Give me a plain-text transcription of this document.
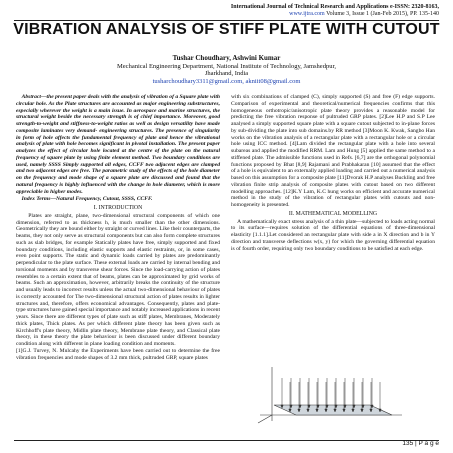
International Journal of Technical Research and Applications e-ISSN: 2320-8163,
www.ijtra.com Volume 3, Issue 1 (Jan-Feb 2015), PP. 135-140
VIBRATION ANALYSIS OF STIFF PLATE WITH CUTOUT
Tushar Choudhary, Ashwini Kumar
Mechanical Engineering Department, National Institute of Technology, Jamshedpur,
Jharkhand, India
tusharchoudhary3311@gmail.com, akniit08@gmail.com

Abstract—the present paper deals with the analysis of vibration of a Square plate with circular hole. As the Plate structures are accounted as major engineering substructures, especially wherever the weight is a main issue. In aerospace and marine structures, the structural weight beside the necessary strength is of chief importance. Moreover, good strength-to-weight and stiffness-to-weight ratios as well as design versatility have made composite laminates very demand- engineering structures. The presence of singularity in form of hole affects the fundamental frequency of plate and hence the vibrational analysis of plate with hole becomes significant in pivotal installation. The present paper analyzes the effect of circular hole located at the centre of the plate on the natural frequency of square plate by using finite element method. Two boundary conditions are used, namely SSSS Simply supported all edges, CCFF two adjacent edges are clamped and two adjacent edges are free. The parametric study of the effects of the hole diameter on the frequency and mode shape of a square plate are discussed and found that the natural frequency is highly influenced with the change in hole diameter, which is more appreciable in higher modes.

Index Terms—Natural Frequency, Cutout, SSSS, CCFF.

I. INTRODUCTION

Plates are straight, plane, two-dimensional structural components of which one dimension, referred to as thickness h, is much smaller than the other dimensions. Geometrically they are bound either by straight or curved lines. Like their counterparts, the beams, they not only serve as structural components but can also form complete structures such as slab bridges, for example Statically plates have free, simply supported and fixed boundary conditions, including elastic supports and elastic restraints, or, in some cases, even point supports. The static and dynamic loads carried by plates are predominantly perpendicular to the plate surface. These external loads are carried by internal bending and torsional moments and by transverse shear forces. Since the load-carrying action of plates resembles to a certain extent that of beams, plates can be approximated by grid works of beams. Such an approximation, however, arbitrarily breaks the continuity of the structure and usually leads to incorrect results unless the actual two-dimensional behaviour of plates is correctly accounted for The two-dimensional structural action of plates results in lighter structures and, therefore, offers economical advantages. Consequently, plates and plate-type structures have gained special importance and notably increased applications in recent years. Since there are different types of plate such as stiff plates, Membranes, Moderately thick plates, Thick plates. As per which different plate theory has been given such as Kirchhoff's plate theory, Midlin plate theory, Membrane plate theory, and Classical plate theory, in these theory the plate behaviour is been discussed under different boundary condition along with different in plane loading condition and moments.

[1]G.J. Turvey, N. Mulcahy the Experiments have been carried out to determine the free vibration frequencies and mode shapes of 3.2 mm thick, pultruded GRP, square plates

with six combinations of clamped (C), simply supported (S) and free (F) edge supports. Comparison of experimental and theoretical/numerical frequencies confirms that this homogeneous orthotropic/anisotropic plate theory provides a reasonable model for predicting the free vibration response of pultruded GRP plates. [2]Lee H.P and S.P Lee analysed a simply supported square plate with a square cutout subjected to in-plane forces by sub-dividing the plate into sub domains.by RR method [3]Moon K. Kwak, Sangbo Han works on the vibration analysis of a rectangular plate with a rectangular hole or a circular hole using ICC method. [4]Lam divided the rectangular plate with a hole into several subareas and applied the modified RRM. Lam and Hung [5] applied the same method to a stiffened plate. The admissible functions used in Refs. [6,7] are the orthogonal polynomial functions proposed by Bhat [8,9] Rajamani and Prabhakaran [10] assumed that the effect of a hole is equivalent to an externally applied loading and carried out a numerical analysis based on this assumption for a composite plate [11]Dvorak H.P analyses Buckling and free vibration finite strip analysis of composite plates with cutout based on two different modelling approaches. [12]K.Y Lam, K.C hung works on efficient and accurate numerical method in the study of the vibration of rectangular plates with cutouts and non-homogeneity is presented.

II. MATHEMATICAL MODELLING

A mathematically exact stress analysis of a thin plate—subjected to loads acting normal to its surface—requires solution of the differential equations of three-dimensional elasticity [1.1.1].Let considered an rectangular plate with side a in X direction and b in Y direction and transverse deflections w(x, y) for which the governing differential equation is of fourth order, requiring only two boundary conditions to be satisfied at each edge.

135 | P a g e
